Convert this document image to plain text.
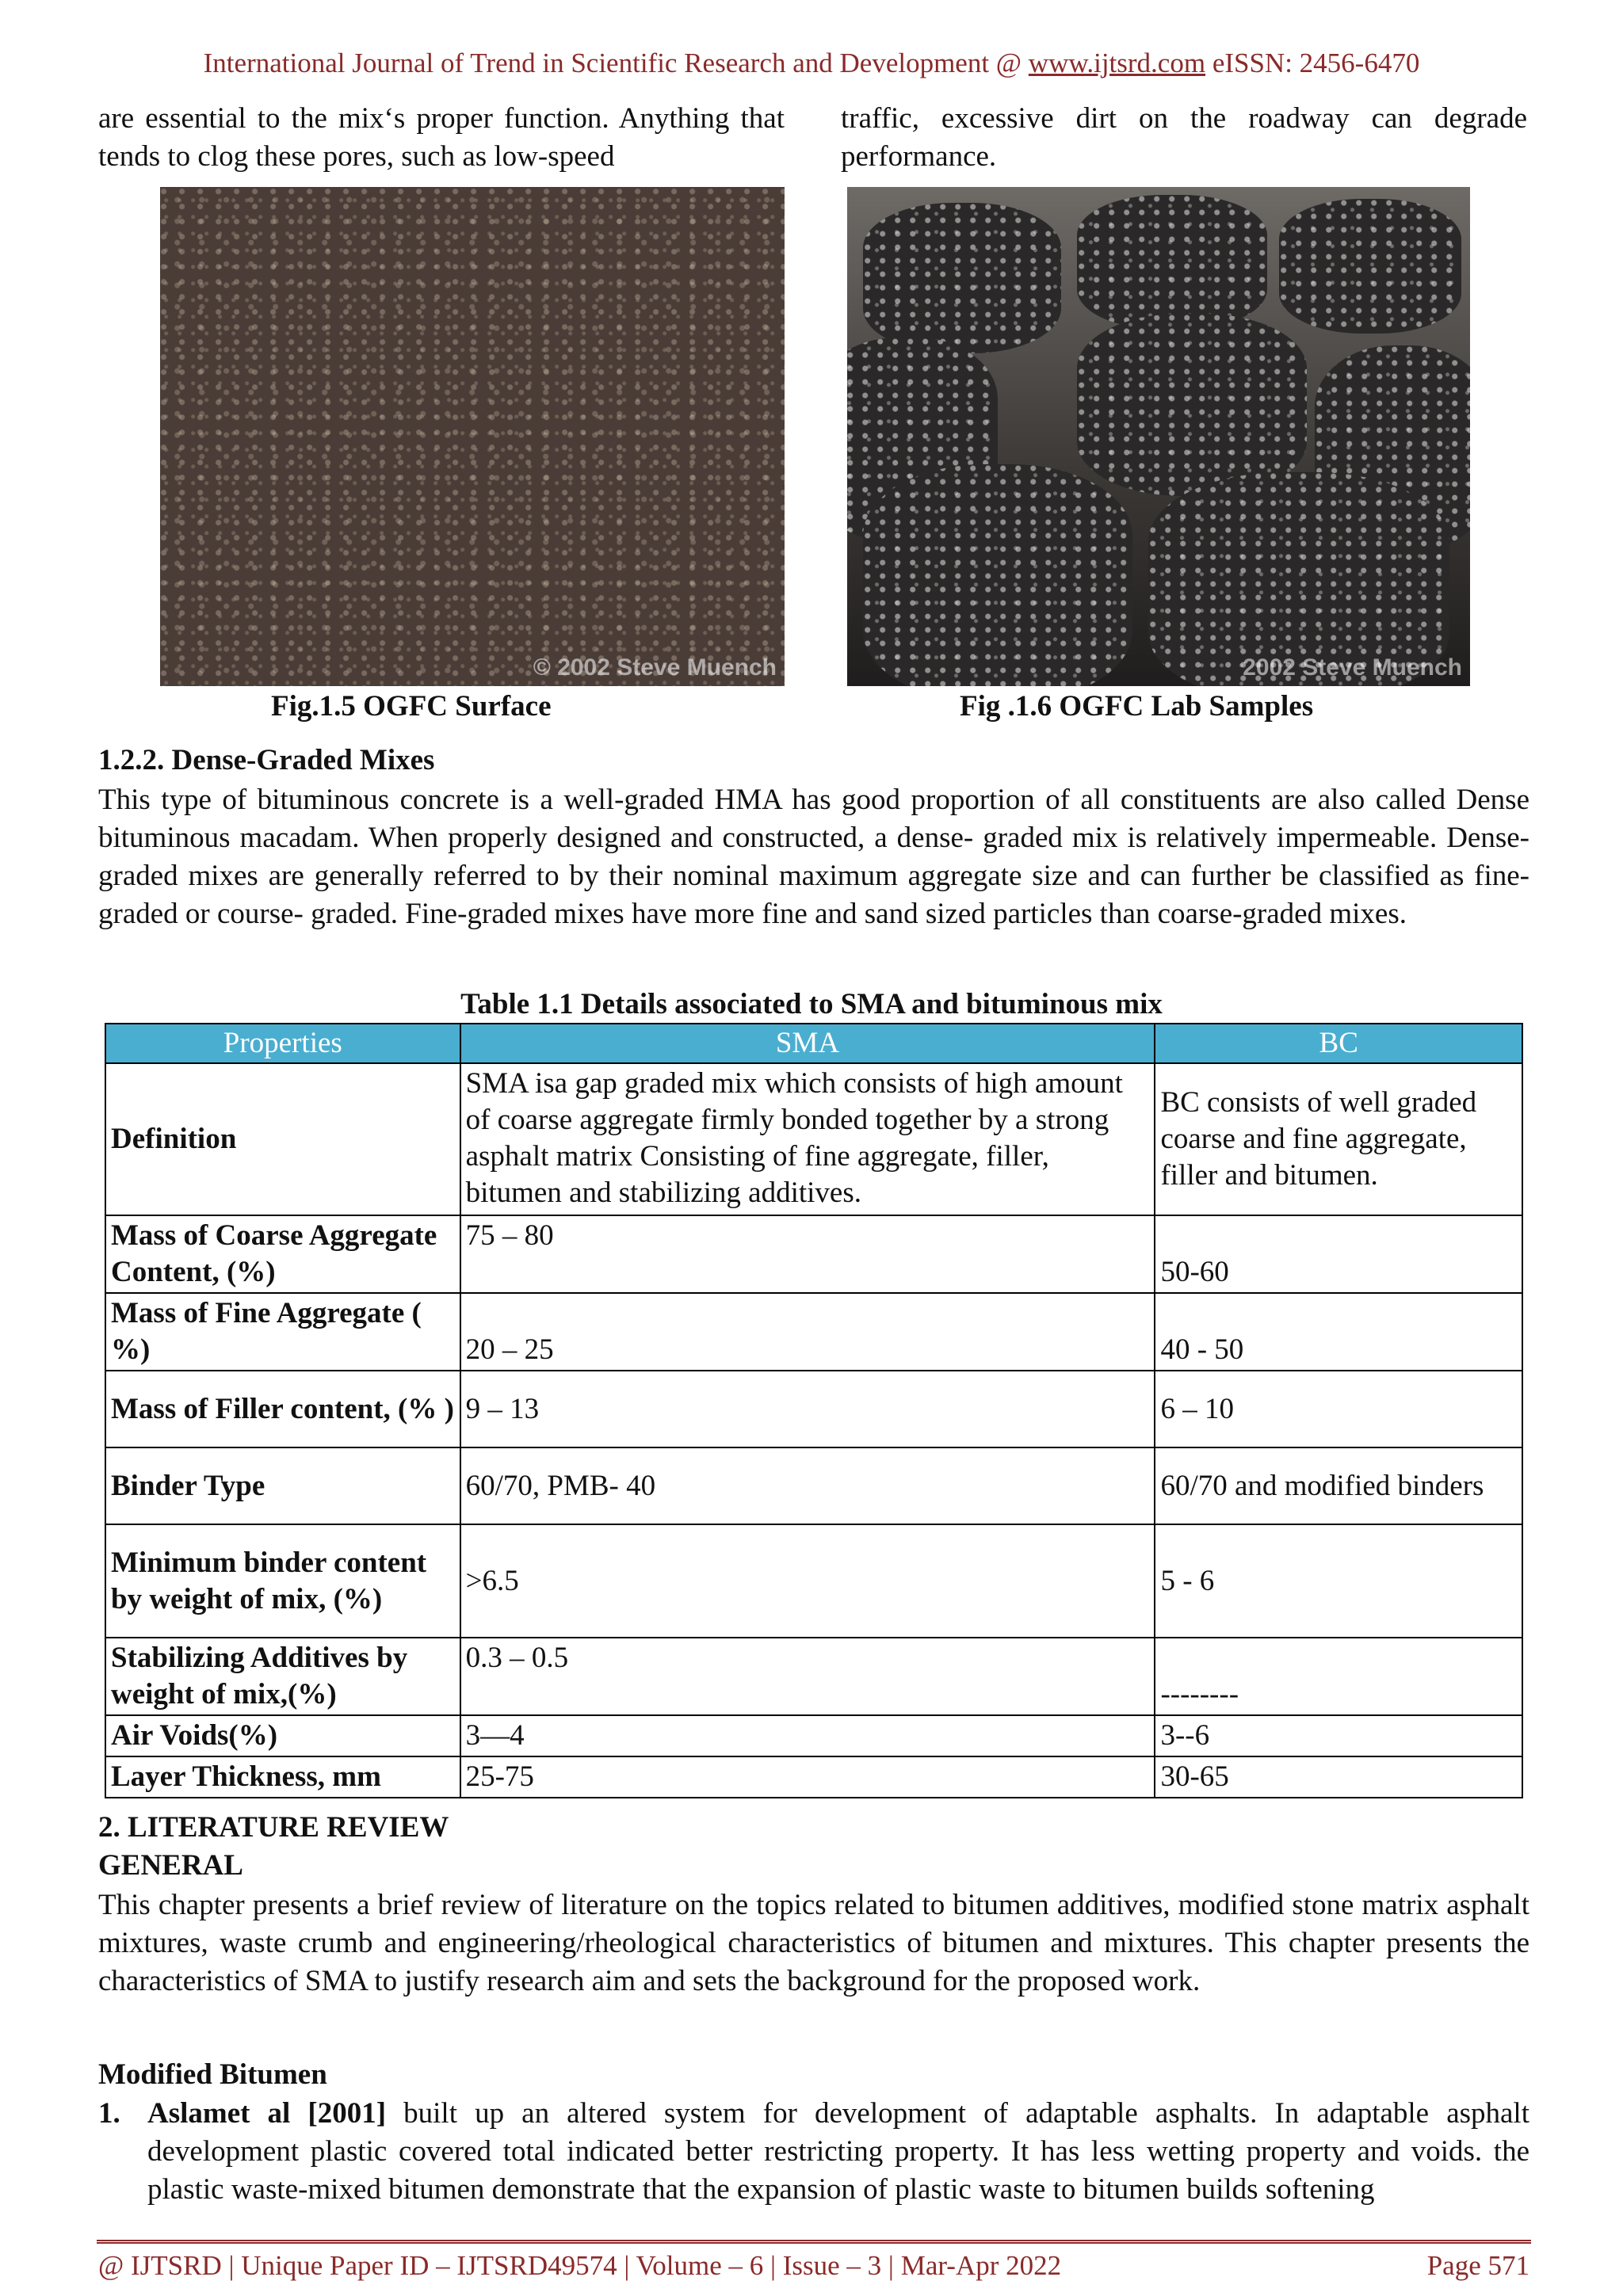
International Journal of Trend in Scientific Research and Development @ www.ijtsrd.com eISSN: 2456-6470

are essential to the mix‘s proper function. Anything that tends to clog these pores, such as low-speed

traffic, excessive dirt on the roadway can degrade performance.

© 2002 Steve Muench	2002 Steve Muench
Fig.1.5 OGFC Surface	Fig .1.6 OGFC Lab Samples
1.2.2. Dense-Graded Mixes

This type of bituminous concrete is a well-graded HMA has good proportion of all constituents are also called Dense bituminous macadam. When properly designed and constructed, a dense- graded mix is relatively impermeable. Dense-graded mixes are generally referred to by their nominal maximum aggregate size and can further be classified as fine-graded or course- graded. Fine-graded mixes have more fine and sand sized particles than coarse-graded mixes.

Table 1.1 Details associated to SMA and bituminous mix
Properties	SMA	BC
Definition	SMA isa gap graded mix which consists of high amount of coarse aggregate firmly bonded together by a strong asphalt matrix Consisting of fine aggregate, filler, bitumen and stabilizing additives.	BC consists of well graded coarse and fine aggregate, filler and bitumen.
Mass of Coarse Aggregate Content, (%)	75 – 80	50-60
Mass of Fine Aggregate ( %)	20 – 25	40 - 50
Mass of Filler content, (% )	9 – 13	6 – 10
Binder Type	60/70, PMB- 40	60/70 and modified binders
Minimum binder content by weight of mix, (%)	>6.5	5 - 6
Stabilizing Additives by weight of mix,(%)	0.3 – 0.5	--------
Air Voids(%)	3—4	3--6
Layer Thickness, mm	25-75	30-65
2. LITERATURE REVIEW
GENERAL

This chapter presents a brief review of literature on the topics related to bitumen additives, modified stone matrix asphalt mixtures, waste crumb and engineering/rheological characteristics of bitumen and mixtures. This chapter presents the characteristics of SMA to justify research aim and sets the background for the proposed work.

Modified Bitumen
1. Aslamet al [2001] built up an altered system for development of adaptable asphalts. In adaptable asphalt development plastic covered total indicated better restricting property. It has less wetting property and voids. the plastic waste-mixed bitumen demonstrate that the expansion of plastic waste to bitumen builds softening
@ IJTSRD | Unique Paper ID – IJTSRD49574 | Volume – 6 | Issue – 3 | Mar-Apr 2022	Page 571
